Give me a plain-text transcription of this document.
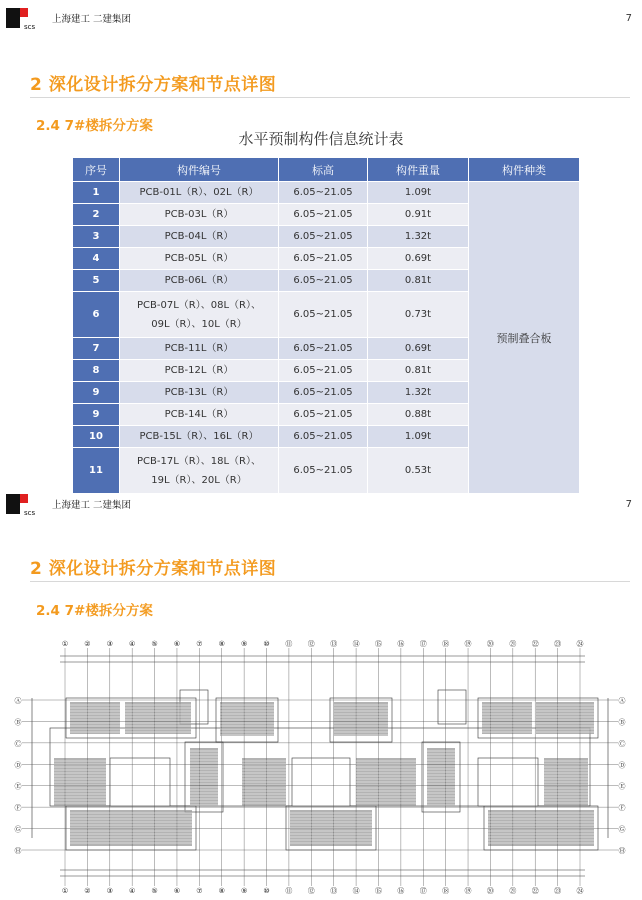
scs
上海建工 二建集团	7
2 深化设计拆分方案和节点详图
2.4 7#楼拆分方案
水平预制构件信息统计表
序号	构件编号	标高	构件重量	构件种类
1	PCB-01L（R）、02L（R）	6.05~21.05	1.09t	预制叠合板
2	PCB-03L（R）	6.05~21.05	0.91t	
3	PCB-04L（R）	6.05~21.05	1.32t	
4	PCB-05L（R）	6.05~21.05	0.69t	
5	PCB-06L（R）	6.05~21.05	0.81t	
6	PCB-07L（R）、08L（R）、
09L（R）、10L（R）	6.05~21.05	0.73t	
7	PCB-11L（R）	6.05~21.05	0.69t	
8	PCB-12L（R）	6.05~21.05	0.81t	
9	PCB-13L（R）	6.05~21.05	1.32t	
9	PCB-14L（R）	6.05~21.05	0.88t	
10	PCB-15L（R）、16L（R）	6.05~21.05	1.09t	
11	PCB-17L（R）、18L（R）、
19L（R）、20L（R）	6.05~21.05	0.53t	
scs
上海建工 二建集团	7
2 深化设计拆分方案和节点详图
2.4 7#楼拆分方案
①
①
②
②
③
③
④
④
⑤
⑤
⑥
⑥
⑦
⑦
⑧
⑧
⑨
⑨
⑩
⑩
⑪
⑪
⑫
⑫
⑬
⑬
⑭
⑭
⑮
⑮
⑯
⑯
⑰
⑰
⑱
⑱
⑲
⑲
⑳
⑳
㉑
㉑
㉒
㉒
㉓
㉓
㉔
㉔
Ⓐ	Ⓐ
Ⓑ	Ⓑ
Ⓒ	Ⓒ
Ⓓ	Ⓓ
Ⓔ	Ⓔ
Ⓕ	Ⓕ
Ⓖ	Ⓖ
Ⓗ	Ⓗ
